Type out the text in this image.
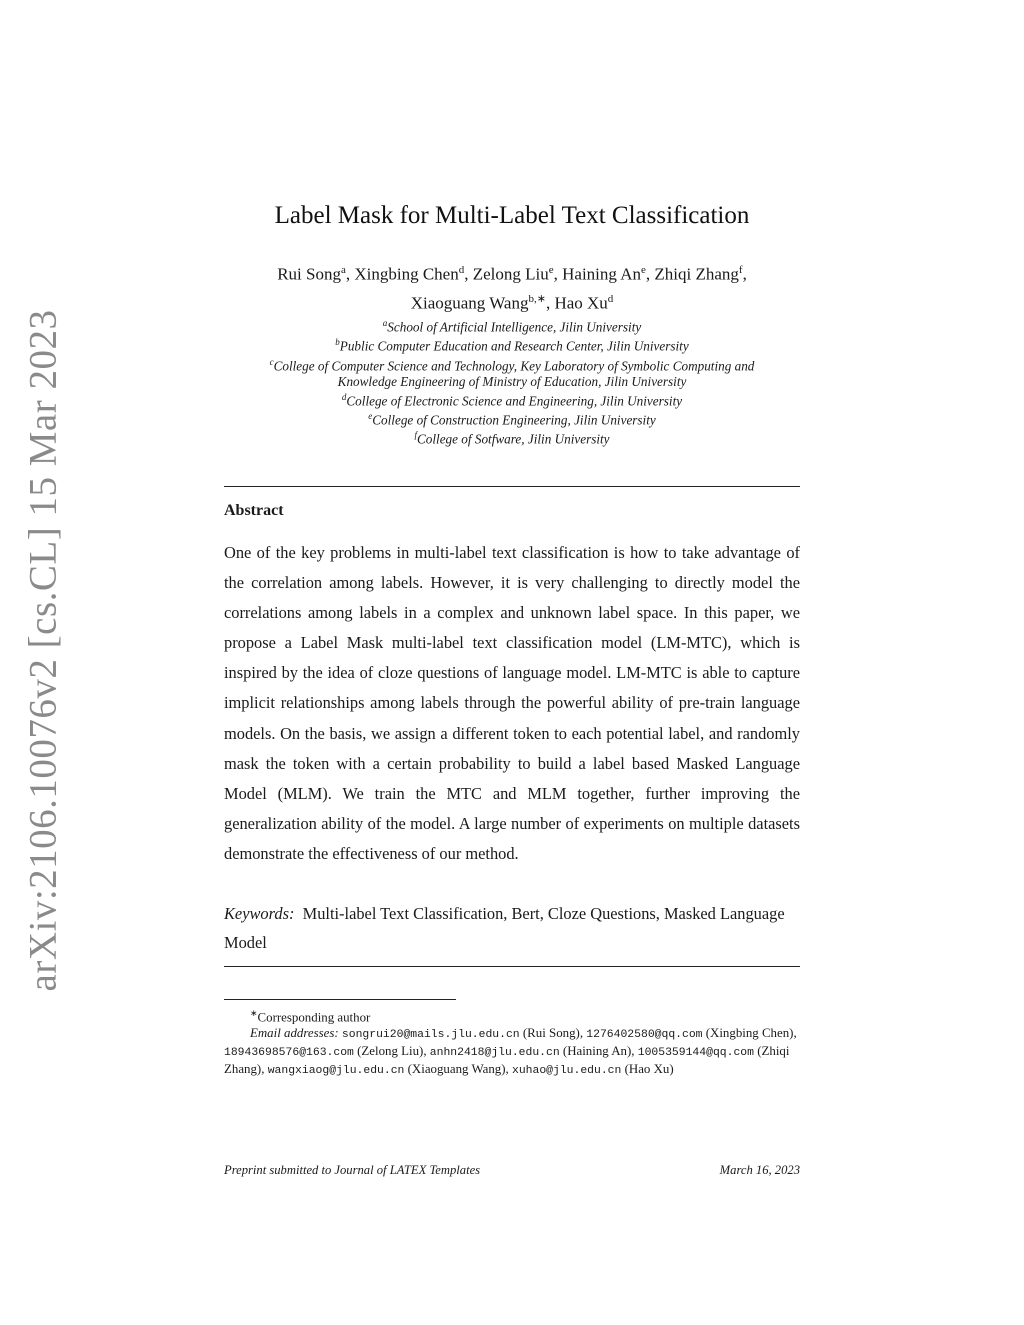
arXiv:2106.10076v2 [cs.CL] 15 Mar 2023
Label Mask for Multi-Label Text Classification
Rui Song$^a$, Xingbing Chen$^d$, Zelong Liu$^e$, Haining An$^e$, Zhiqi Zhang$^f$,
Xiaoguang Wang$^{b,∗}$, Hao Xu$^d$
$^a$School of Artificial Intelligence, Jilin University
$^b$Public Computer Education and Research Center, Jilin University
$^c$College of Computer Science and Technology, Key Laboratory of Symbolic Computing and
Knowledge Engineering of Ministry of Education, Jilin University
$^d$College of Electronic Science and Engineering, Jilin University
$^e$College of Construction Engineering, Jilin University
$^f$College of Sotfware, Jilin University
Abstract
One of the key problems in multi-label text classification is how to take advantage of the correlation among labels. However, it is very challenging to directly model the correlations among labels in a complex and unknown label space. In this paper, we propose a Label Mask multi-label text classification model (LM-MTC), which is inspired by the idea of cloze questions of language model. LM-MTC is able to capture implicit relationships among labels through the powerful ability of pre-train language models. On the basis, we assign a different token to each potential label, and randomly mask the token with a certain probability to build a label based Masked Language Model (MLM). We train the MTC and MLM together, further improving the generalization ability of the model. A large number of experiments on multiple datasets demonstrate the effectiveness of our method.
Keywords: Multi-label Text Classification, Bert, Cloze Questions, Masked Language Model
∗Corresponding author
Email addresses: songrui20@mails.jlu.edu.cn (Rui Song), 1276402580@qq.com (Xingbing Chen), 18943698576@163.com (Zelong Liu), anhn2418@jlu.edu.cn (Haining An), 1005359144@qq.com (Zhiqi Zhang), wangxiaog@jlu.edu.cn (Xiaoguang Wang), xuhao@jlu.edu.cn (Hao Xu)
Preprint submitted to Journal of LATEX Templates	March 16, 2023
